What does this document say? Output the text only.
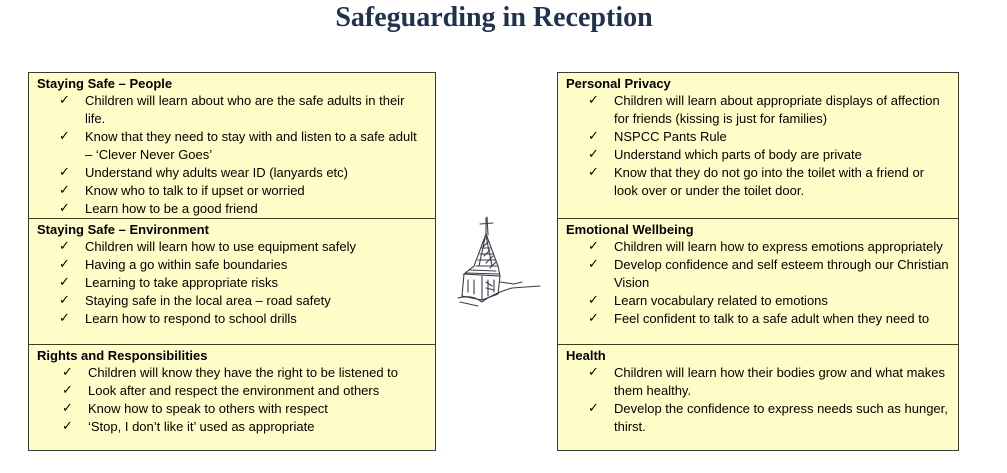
Safeguarding in Reception
Staying Safe – People
✓ Children will learn about who are the safe adults in their life.
✓ Know that they need to stay with and listen to a safe adult – ‘Clever Never Goes’
✓ Understand why adults wear ID (lanyards etc)
✓ Know who to talk to if upset or worried
✓ Learn how to be a good friend
Staying Safe – Environment
✓ Children will learn how to use equipment safely
✓ Having a go within safe boundaries
✓ Learning to take appropriate risks
✓ Staying safe in the local area – road safety
✓ Learn how to respond to school drills
Rights and Responsibilities
✓ Children will know they have the right to be listened to
✓ Look after and respect the environment and others
✓ Know how to speak to others with respect
✓ ‘Stop, I don’t like it’ used as appropriate
Personal Privacy
✓ Children will learn about appropriate displays of affection for friends (kissing is just for families)
✓ NSPCC Pants Rule
✓ Understand which parts of body are private
✓ Know that they do not go into the toilet with a friend or look over or under the toilet door.
Emotional Wellbeing
✓ Children will learn how to express emotions appropriately
✓ Develop confidence and self esteem through our Christian Vision
✓ Learn vocabulary related to emotions
✓ Feel confident to talk to a safe adult when they need to
Health
✓ Children will learn how their bodies grow and what makes them healthy.
✓ Develop the confidence to express needs such as hunger, thirst.
